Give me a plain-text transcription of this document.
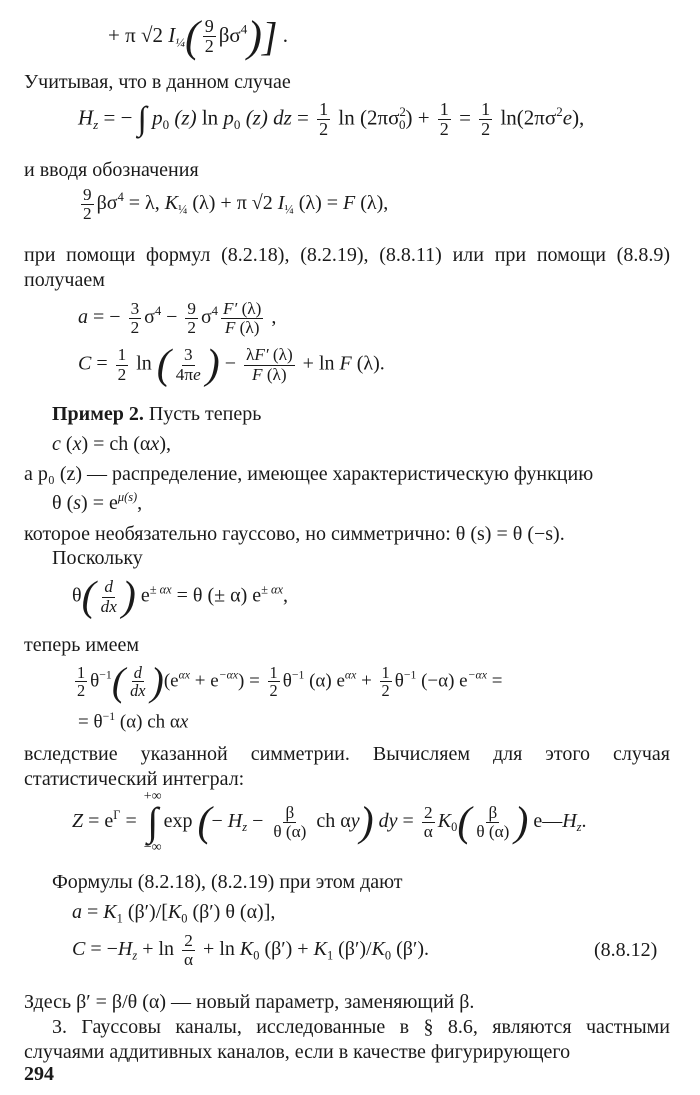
+ π √2 $I_{\frac{1}{4}}( \frac{9}{2} \beta\sigma^4)$] .
Учитывая, что в данном случае
$H_z$ = − ∫ $p_0$ (z) $\ln p_0$ (z) dz = $\frac{1}{2}$ $\ln (2\pi\sigma^2_0) + \frac{1}{2} = \frac{1}{2} \ln(2\pi\sigma^2e)$,
и вводя обозначения
$\frac{9}{2} \beta\sigma^4 = \lambda$, $K_{\frac{1}{4}}$ (λ) + π √2 $I_{\frac{1}{4}}$ (λ) = F (λ),
при помощи формул (8.2.18), (8.2.19), (8.8.11) или при помощи (8.8.9) получаем
a = − $\frac{3}{2} \sigma^4 - \frac{9}{2} \sigma^4 \frac{F' (\lambda)}{F (\lambda)}$ ,
$C = \frac{1}{2}$ ln ( $\frac{3}{4\pi e}$ ) − $\frac{\lambda F' (\lambda)}{F (\lambda)} + \ln F$ (λ).
Пример 2. Пусть теперь
c (x) = ch (αx),
а p₀ (z) — распределение, имеющее характеристическую функцию
θ $(s) = e^{\mu(s)}$,
которое необязательно гауссово, но симметрично: θ (s) = θ (−s).
Поскольку
$\theta( \frac{d}{dx}$ ) $e^{\pm \alpha x} = \theta$ (± α) $e^{\pm \alpha x}$,
теперь имеем
$\frac{1}{2} \theta^{-1}( \frac{d}{dx} )(e^{\alpha x} + e^{-\alpha x}) = \frac{1}{2} \theta^{-1}$ (α) $e^{\alpha x} + \frac{1}{2} \theta^{-1}$ (−α) $e^{-\alpha x}$ =
= $\theta^{-1}$ (α) ch αx
вследствие указанной симметрии. Вычисляем для этого случая статистический интеграл:
$Z = e^\Gamma$ =
+∞
∫
−∞
exp (− $H_z - \frac{\beta}{\theta (\alpha)}$ ch αy) dy = $\frac{2}{\alpha} K_0( \frac{\beta}{\theta (\alpha)}$ ) $e—H_z$.
Формулы (8.2.18), (8.2.19) при этом дают
$a = K_1$ $(\beta')/[K_0$ (β′) θ (α)],
$C = -H_z + \ln \frac{2}{\alpha} + \ln K_0$ $(\beta') + K_1$ $(\beta')/K_0$ (β′).	(8.8.12)
Здесь β′ = β/θ (α) — новый параметр, заменяющий β.
3. Гауссовы каналы, исследованные в § 8.6, являются частными случаями аддитивных каналов, если в качестве фигурирующего
294
